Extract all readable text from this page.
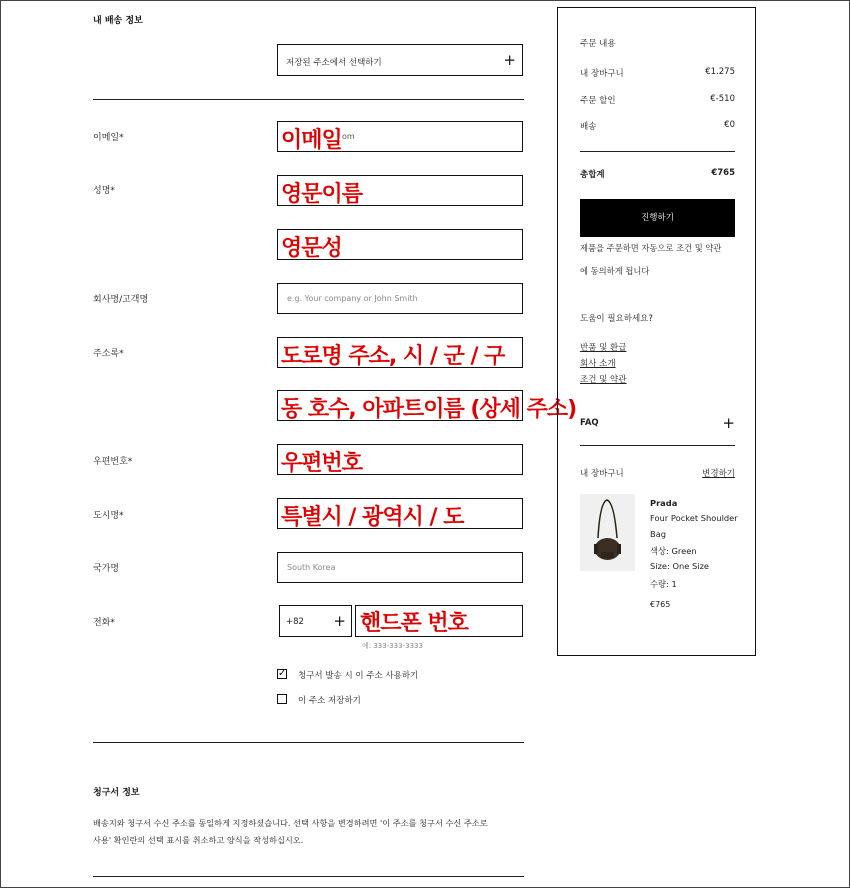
내 배송 정보
저장된 주소에서 선택하기	+
이메일*	om
이메일
성명*	영문이름
영문성
회사명/고객명	e.g. Your company or John Smith
주소록*	도로명 주소, 시 / 군 / 구
동 호수, 아파트이름 (상세 주소)
우편번호*	우편번호
도시명*	특별시 / 광역시 / 도
국가명	South Korea
전화*	+82 + 핸드폰 번호
예: 333-333-3333
✓ 청구서 발송 시 이 주소 사용하기
이 주소 저장하기
청구서 정보
배송지와 청구서 수신 주소를 동일하게 지정하셨습니다. 선택 사항을 변경하려면 '이 주소를 청구서 수신 주소로
사용' 확인란의 선택 표시를 취소하고 양식을 작성하십시오.
주문 내용
내 장바구니	€1.275
주문 할인	€-510
배송	€0
총합계	€765
진행하기
제품을 주문하면 자동으로 조건 및 약관
에 동의하게 됩니다
도움이 필요하세요?
반품 및 환급
회사 소개
조건 및 약관
FAQ	+
내 장바구니	변경하기
Prada
Four Pocket Shoulder
Bag
색상: Green
Size: One Size
수량: 1
€765
